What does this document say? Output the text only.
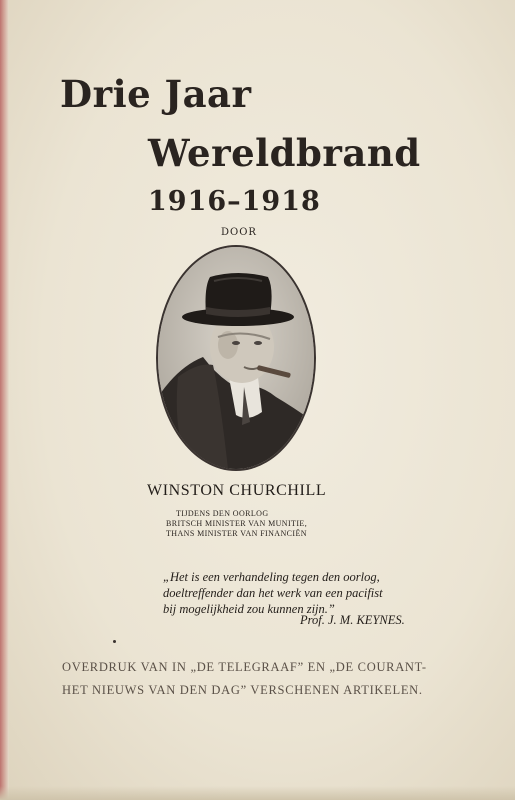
Drie Jaar
Wereldbrand
1916–1918
DOOR
WINSTON CHURCHILL
TIJDENS DEN OORLOG
BRITSCH MINISTER VAN MUNITIE,
THANS MINISTER VAN FINANCIËN
„Het is een verhandeling tegen den oorlog,
doeltreffender dan het werk van een pacifist
bij mogelijkheid zou kunnen zijn.”
Prof. J. M. KEYNES.
OVERDRUK VAN IN „DE TELEGRAAF” EN „DE COURANT-
HET NIEUWS VAN DEN DAG” VERSCHENEN ARTIKELEN.
